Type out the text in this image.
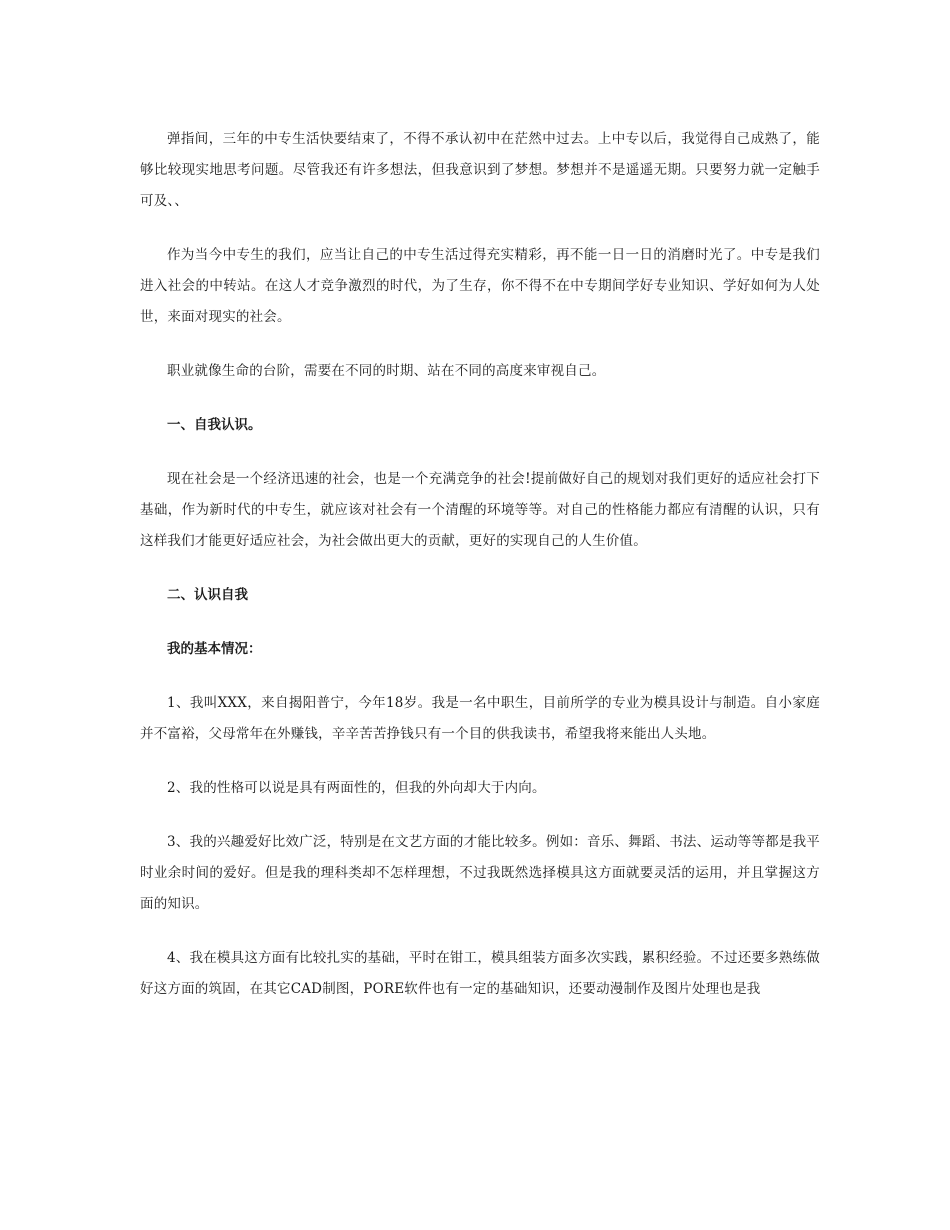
弹指间，三年的中专生活快要结束了，不得不承认初中在茫然中过去。上中专以后，我觉得自己成熟了，能够比较现实地思考问题。尽管我还有许多想法，但我意识到了梦想。梦想并不是遥遥无期。只要努力就一定触手可及、、

作为当今中专生的我们，应当让自己的中专生活过得充实精彩，再不能一日一日的消磨时光了。中专是我们进入社会的中转站。在这人才竞争激烈的时代，为了生存，你不得不在中专期间学好专业知识、学好如何为人处世，来面对现实的社会。

职业就像生命的台阶，需要在不同的时期、站在不同的高度来审视自己。

一、自我认识。

现在社会是一个经济迅速的社会，也是一个充满竞争的社会!提前做好自己的规划对我们更好的适应社会打下基础，作为新时代的中专生，就应该对社会有一个清醒的环境等等。对自己的性格能力都应有清醒的认识，只有这样我们才能更好适应社会，为社会做出更大的贡献，更好的实现自己的人生价值。

二、认识自我

我的基本情况：

1、我叫XXX，来自揭阳普宁，今年18岁。我是一名中职生，目前所学的专业为模具设计与制造。自小家庭并不富裕，父母常年在外赚钱，辛辛苦苦挣钱只有一个目的供我读书，希望我将来能出人头地。

2、我的性格可以说是具有两面性的，但我的外向却大于内向。

3、我的兴趣爱好比效广泛，特别是在文艺方面的才能比较多。例如：音乐、舞蹈、书法、运动等等都是我平时业余时间的爱好。但是我的理科类却不怎样理想，不过我既然选择模具这方面就要灵活的运用，并且掌握这方面的知识。

4、我在模具这方面有比较扎实的基础，平时在钳工，模具组装方面多次实践，累积经验。不过还要多熟练做好这方面的筑固，在其它CAD制图，PORE软件也有一定的基础知识，还要动漫制作及图片处理也是我
